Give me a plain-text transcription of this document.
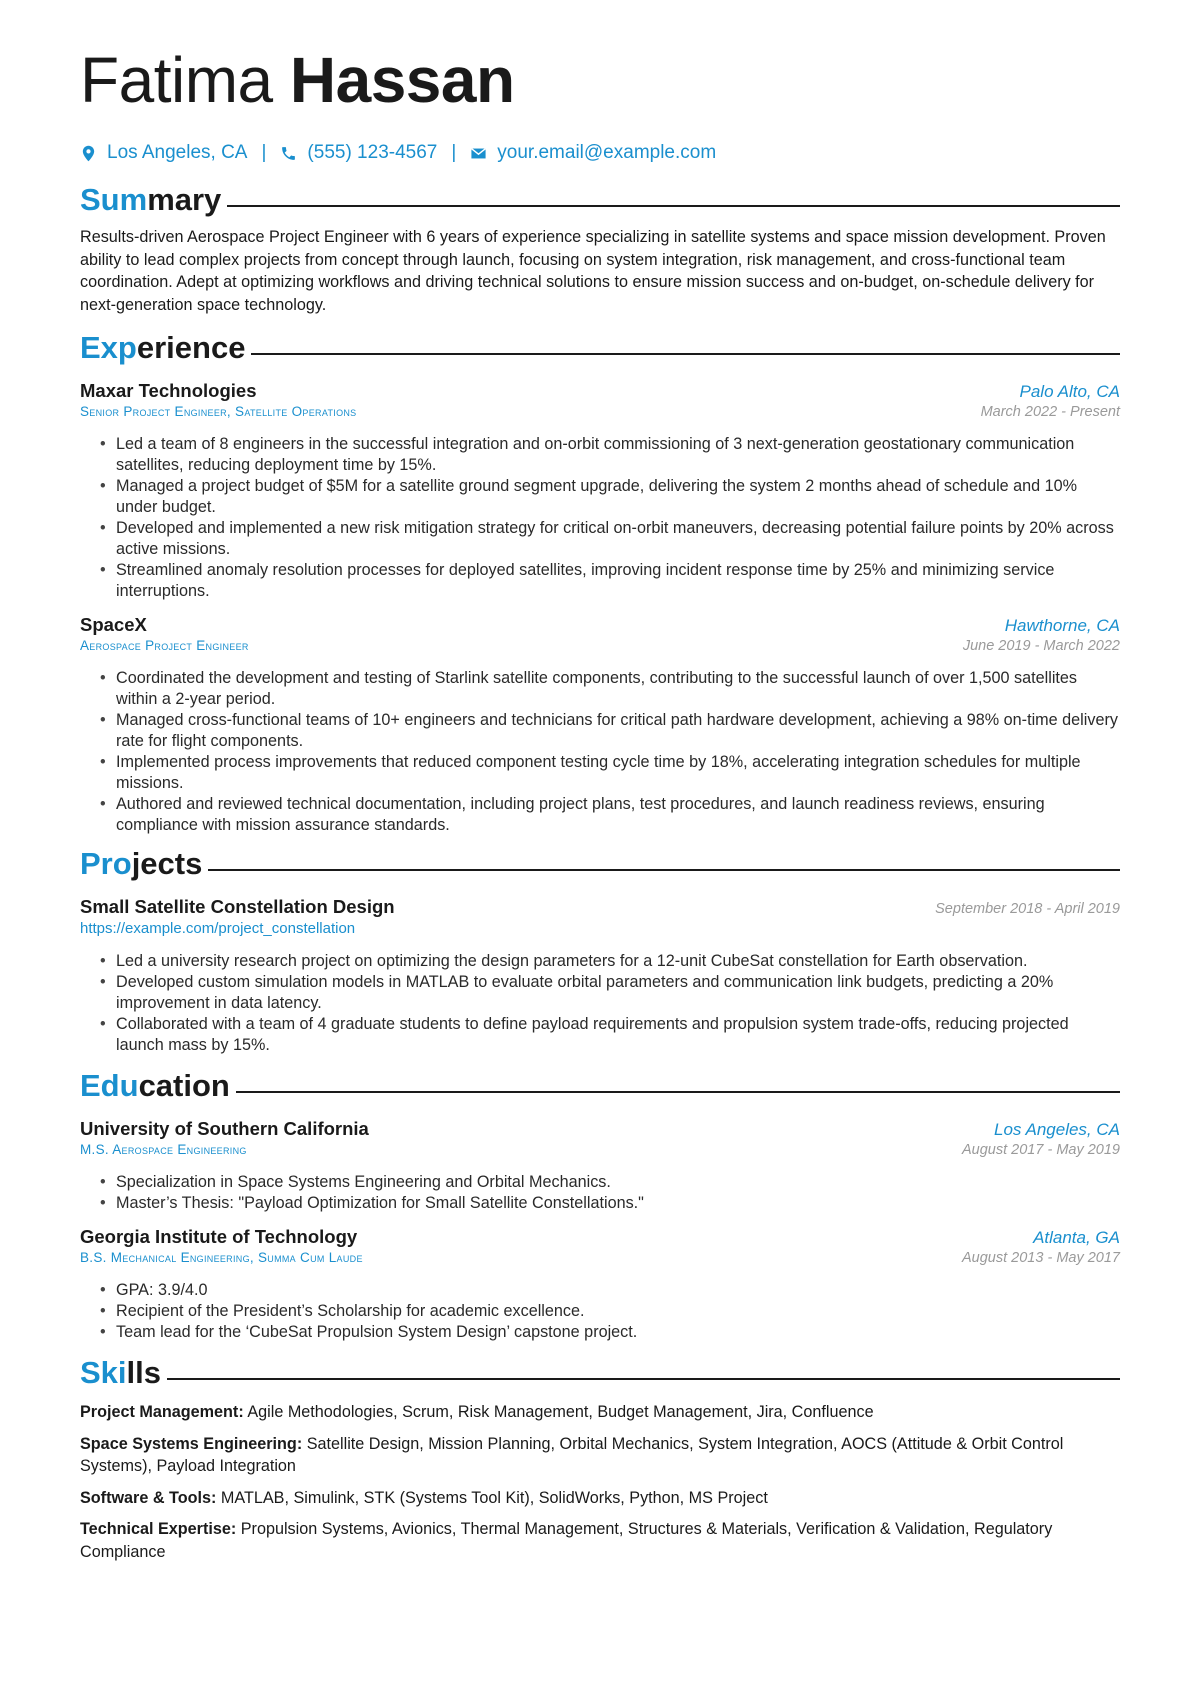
Fatima Hassan
Los Angeles, CA | (555) 123-4567 | your.email@example.com
Summary

Results-driven Aerospace Project Engineer with 6 years of experience specializing in satellite systems and space mission development. Proven ability to lead complex projects from concept through launch, focusing on system integration, risk management, and cross-functional team coordination. Adept at optimizing workflows and driving technical solutions to ensure mission success and on-budget, on-schedule delivery for next-generation space technology.

Experience
Maxar Technologies	Palo Alto, CA
Senior Project Engineer, Satellite Operations	March 2022 - Present
• Led a team of 8 engineers in the successful integration and on-orbit commissioning of 3 next-generation geostationary communication satellites, reducing deployment time by 15%.
• Managed a project budget of $5M for a satellite ground segment upgrade, delivering the system 2 months ahead of schedule and 10% under budget.
• Developed and implemented a new risk mitigation strategy for critical on-orbit maneuvers, decreasing potential failure points by 20% across active missions.
• Streamlined anomaly resolution processes for deployed satellites, improving incident response time by 25% and minimizing service interruptions.
SpaceX	Hawthorne, CA
Aerospace Project Engineer	June 2019 - March 2022
• Coordinated the development and testing of Starlink satellite components, contributing to the successful launch of over 1,500 satellites within a 2-year period.
• Managed cross-functional teams of 10+ engineers and technicians for critical path hardware development, achieving a 98% on-time delivery rate for flight components.
• Implemented process improvements that reduced component testing cycle time by 18%, accelerating integration schedules for multiple missions.
• Authored and reviewed technical documentation, including project plans, test procedures, and launch readiness reviews, ensuring compliance with mission assurance standards.
Projects
Small Satellite Constellation Design	September 2018 - April 2019
https://example.com/project_constellation
• Led a university research project on optimizing the design parameters for a 12-unit CubeSat constellation for Earth observation.
• Developed custom simulation models in MATLAB to evaluate orbital parameters and communication link budgets, predicting a 20% improvement in data latency.
• Collaborated with a team of 4 graduate students to define payload requirements and propulsion system trade-offs, reducing projected launch mass by 15%.
Education
University of Southern California	Los Angeles, CA
M.S. Aerospace Engineering	August 2017 - May 2019
• Specialization in Space Systems Engineering and Orbital Mechanics.
• Master’s Thesis: "Payload Optimization for Small Satellite Constellations."
Georgia Institute of Technology	Atlanta, GA
B.S. Mechanical Engineering, Summa Cum Laude	August 2013 - May 2017
• GPA: 3.9/4.0
• Recipient of the President’s Scholarship for academic excellence.
• Team lead for the ‘CubeSat Propulsion System Design’ capstone project.
Skills
Project Management: Agile Methodologies, Scrum, Risk Management, Budget Management, Jira, Confluence
Space Systems Engineering: Satellite Design, Mission Planning, Orbital Mechanics, System Integration, AOCS (Attitude & Orbit Control Systems), Payload Integration
Software & Tools: MATLAB, Simulink, STK (Systems Tool Kit), SolidWorks, Python, MS Project
Technical Expertise: Propulsion Systems, Avionics, Thermal Management, Structures & Materials, Verification & Validation, Regulatory Compliance
